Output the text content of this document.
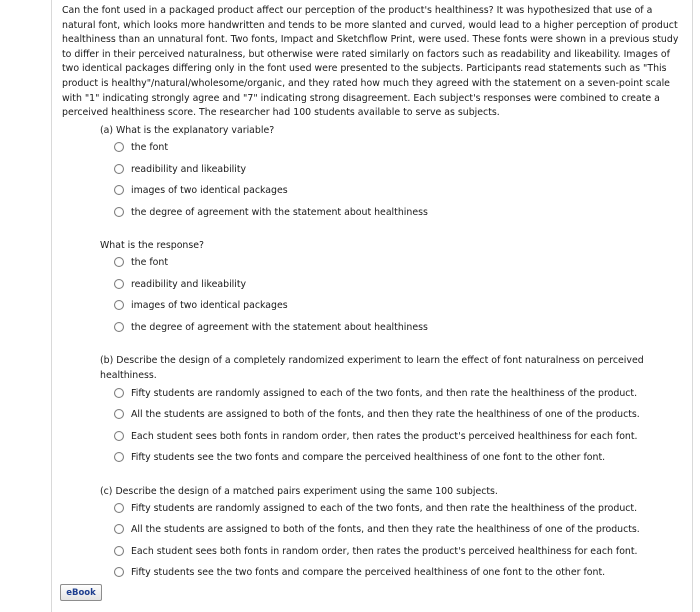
Can the font used in a packaged product affect our perception of the product's healthiness? It was hypothesized that use of a natural font, which looks more handwritten and tends to be more slanted and curved, would lead to a higher perception of product healthiness than an unnatural font. Two fonts, Impact and Sketchflow Print, were used. These fonts were shown in a previous study to differ in their perceived naturalness, but otherwise were rated similarly on factors such as readability and likeability. Images of two identical packages differing only in the font used were presented to the subjects. Participants read statements such as "This product is healthy"/natural/wholesome/organic, and they rated how much they agreed with the statement on a seven-point scale with "1" indicating strongly agree and "7" indicating strong disagreement. Each subject's responses were combined to create a perceived healthiness score. The researcher had 100 students available to serve as subjects.
(a) What is the explanatory variable?
the font
readibility and likeability
images of two identical packages
the degree of agreement with the statement about healthiness
What is the response?
the font
readibility and likeability
images of two identical packages
the degree of agreement with the statement about healthiness
(b) Describe the design of a completely randomized experiment to learn the effect of font naturalness on perceived healthiness.
Fifty students are randomly assigned to each of the two fonts, and then rate the healthiness of the product.
All the students are assigned to both of the fonts, and then they rate the healthiness of one of the products.
Each student sees both fonts in random order, then rates the product's perceived healthiness for each font.
Fifty students see the two fonts and compare the perceived healthiness of one font to the other font.
(c) Describe the design of a matched pairs experiment using the same 100 subjects.
Fifty students are randomly assigned to each of the two fonts, and then rate the healthiness of the product.
All the students are assigned to both of the fonts, and then they rate the healthiness of one of the products.
Each student sees both fonts in random order, then rates the product's perceived healthiness for each font.
Fifty students see the two fonts and compare the perceived healthiness of one font to the other font.
eBook
